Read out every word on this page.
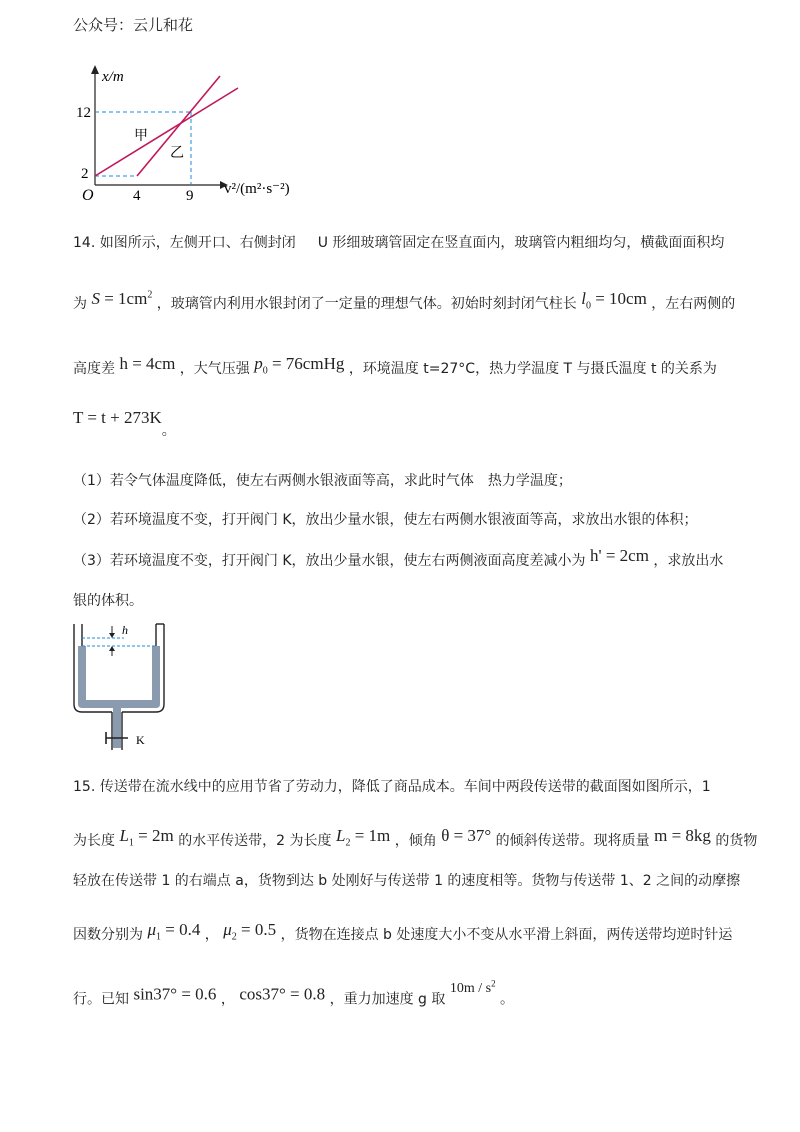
公众号：云儿和花
x/m
12
2
O	4	9 v²/(m²·s⁻²)
甲
乙
14. 如图所示，左侧开口、右侧封闭 U 形细玻璃管固定在竖直面内，玻璃管内粗细均匀，横截面面积均
为 $S = 1cm^2$ ，玻璃管内利用水银封闭了一定量的理想气体。初始时刻封闭气柱长 $l_0 = 10cm$ ，左右两侧的
高度差 h = 4cm ，大气压强 $p_0$ = 76cmHg ，环境温度 t=27°C，热力学温度 T 与摄氏温度 t 的关系为
T = t + 273K。
（1）若令气体温度降低，使左右两侧水银液面等高，求此时气体　热力学温度；
（2）若环境温度不变，打开阀门 K，放出少量水银，使左右两侧水银液面等高，求放出水银的体积；
（3）若环境温度不变，打开阀门 K，放出少量水银，使左右两侧液面高度差减小为 h' = 2cm ，求放出水
银的体积。
K
h
15. 传送带在流水线中的应用节省了劳动力，降低了商品成本。车间中两段传送带的截面图如图所示，1
为长度 $L_1 = 2m$ 的水平传送带，2 为长度 $L_2 = 1m$ ，倾角 θ = 37° 的倾斜传送带。现将质量 m = 8kg 的货物
轻放在传送带 1 的右端点 a，货物到达 b 处刚好与传送带 1 的速度相等。货物与传送带 1、2 之间的动摩擦
因数分别为 $\mu_1 = 0.4$ ， $\mu_2 = 0.5$ ，货物在连接点 b 处速度大小不变从水平滑上斜面，两传送带均逆时针运
行。已知 sin37° = 0.6 ， cos37° = 0.8 ，重力加速度 g 取 $10m / s^2$ 。
